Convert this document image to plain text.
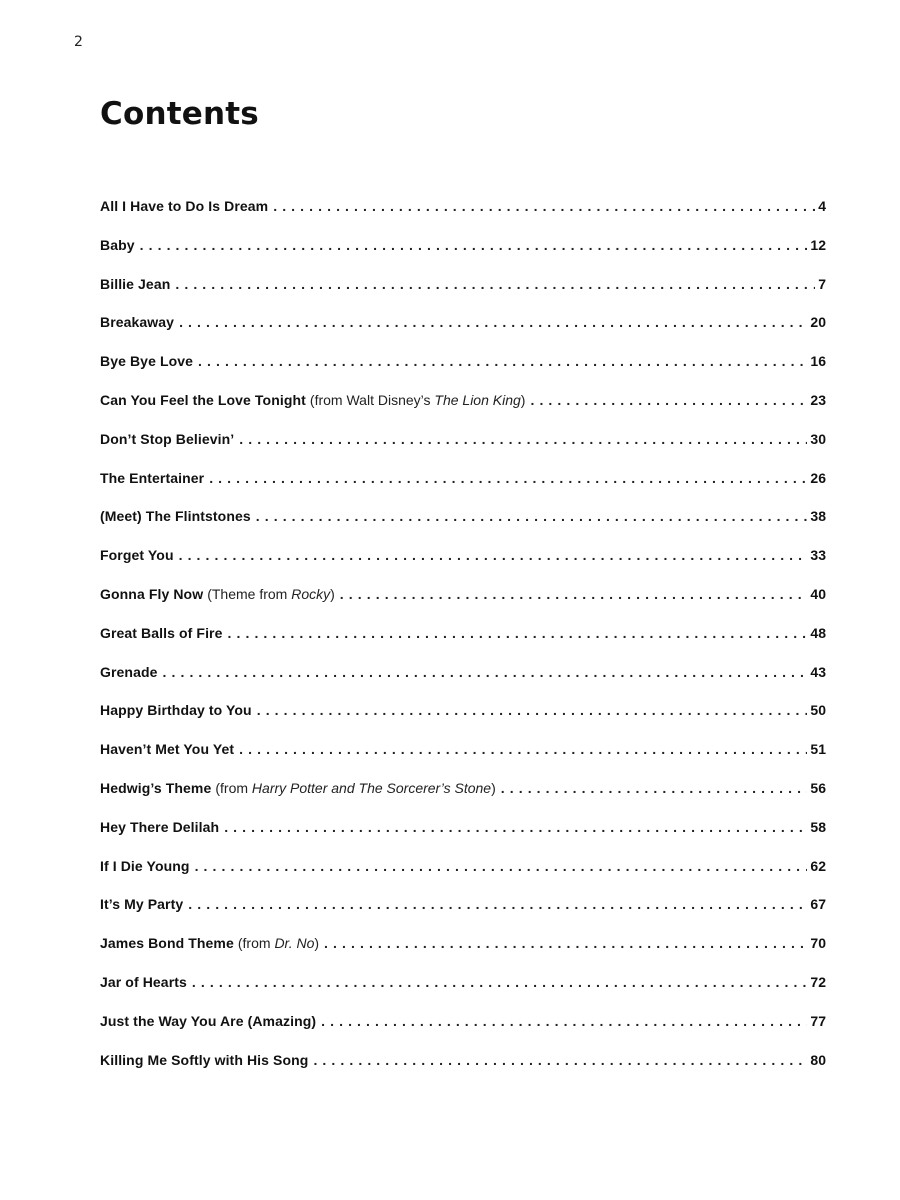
2
Contents
All I Have to Do Is Dream . . .	4
Baby . . .	12
Billie Jean . . .	7
Breakaway . . .	20
Bye Bye Love . . .	16
Can You Feel the Love Tonight (from Walt Disney’s The Lion King) . . .	23
Don’t Stop Believin’ . . .	30
The Entertainer . . .	26
(Meet) The Flintstones . . .	38
Forget You . . .	33
Gonna Fly Now (Theme from Rocky) . . .	40
Great Balls of Fire . . .	48
Grenade . . .	43
Happy Birthday to You . . .	50
Haven’t Met You Yet . . .	51
Hedwig’s Theme (from Harry Potter and The Sorcerer’s Stone) . . .	56
Hey There Delilah . . .	58
If I Die Young . . .	62
It’s My Party . . .	67
James Bond Theme (from Dr. No) . . .	70
Jar of Hearts . . .	72
Just the Way You Are (Amazing) . . .	77
Killing Me Softly with His Song . . .	80
